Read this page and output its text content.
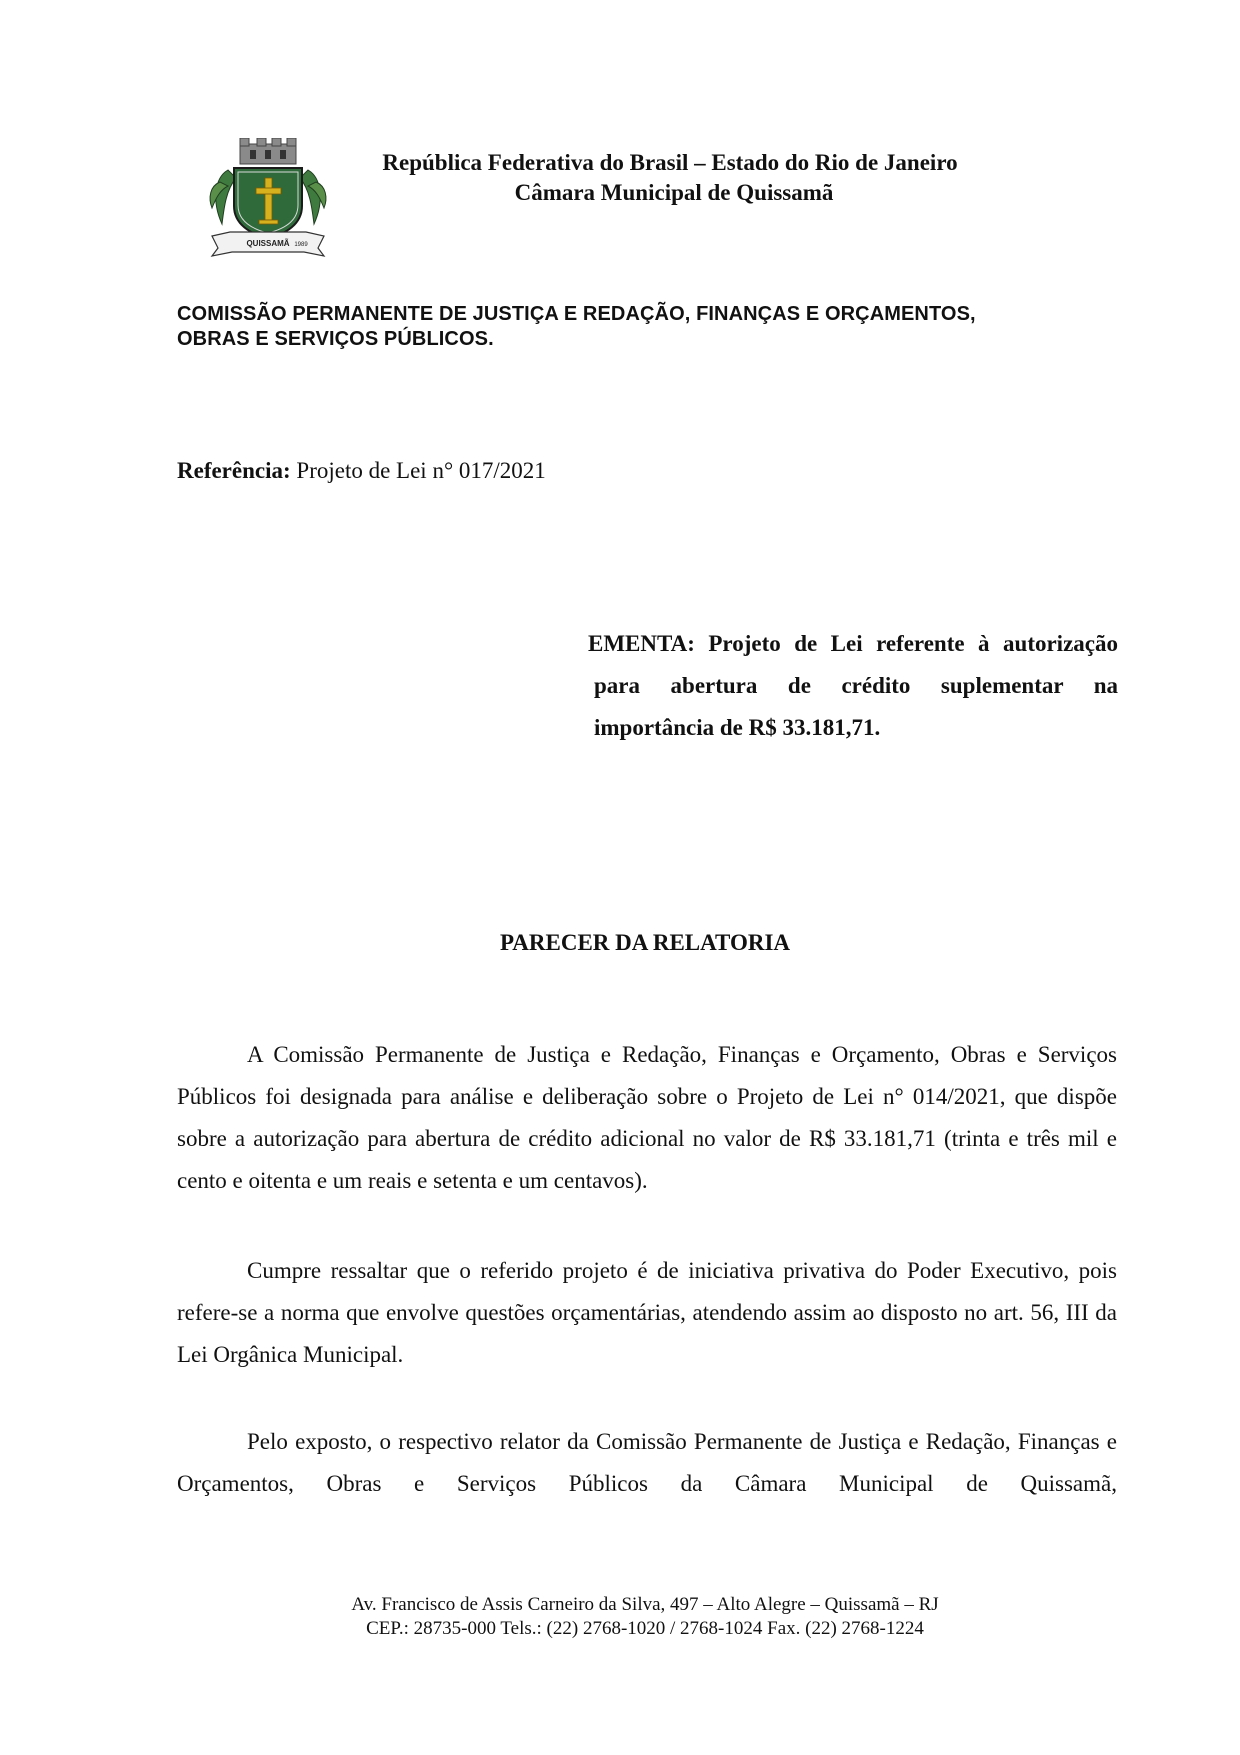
QUISSAMÃ 1989
República Federativa do Brasil – Estado do Rio de Janeiro
Câmara Municipal de Quissamã
COMISSÃO PERMANENTE DE JUSTIÇA E REDAÇÃO, FINANÇAS E ORÇAMENTOS,
OBRAS E SERVIÇOS PÚBLICOS.
Referência: Projeto de Lei n° 017/2021
EMENTA: Projeto de Lei referente à autorização
para abertura de crédito suplementar na
importância de R$ 33.181,71.
PARECER DA RELATORIA

A Comissão Permanente de Justiça e Redação, Finanças e Orçamento, Obras e Serviços Públicos foi designada para análise e deliberação sobre o Projeto de Lei n° 014/2021, que dispõe sobre a autorização para abertura de crédito adicional no valor de R$ 33.181,71 (trinta e três mil e cento e oitenta e um reais e setenta e um centavos).

Cumpre ressaltar que o referido projeto é de iniciativa privativa do Poder Executivo, pois refere-se a norma que envolve questões orçamentárias, atendendo assim ao disposto no art. 56, III da Lei Orgânica Municipal.

Pelo exposto, o respectivo relator da Comissão Permanente de Justiça e Redação, Finanças e Orçamentos, Obras e Serviços Públicos da Câmara Municipal de Quissamã,

Av. Francisco de Assis Carneiro da Silva, 497 – Alto Alegre – Quissamã – RJ
CEP.: 28735-000 Tels.: (22) 2768-1020 / 2768-1024 Fax. (22) 2768-1224
